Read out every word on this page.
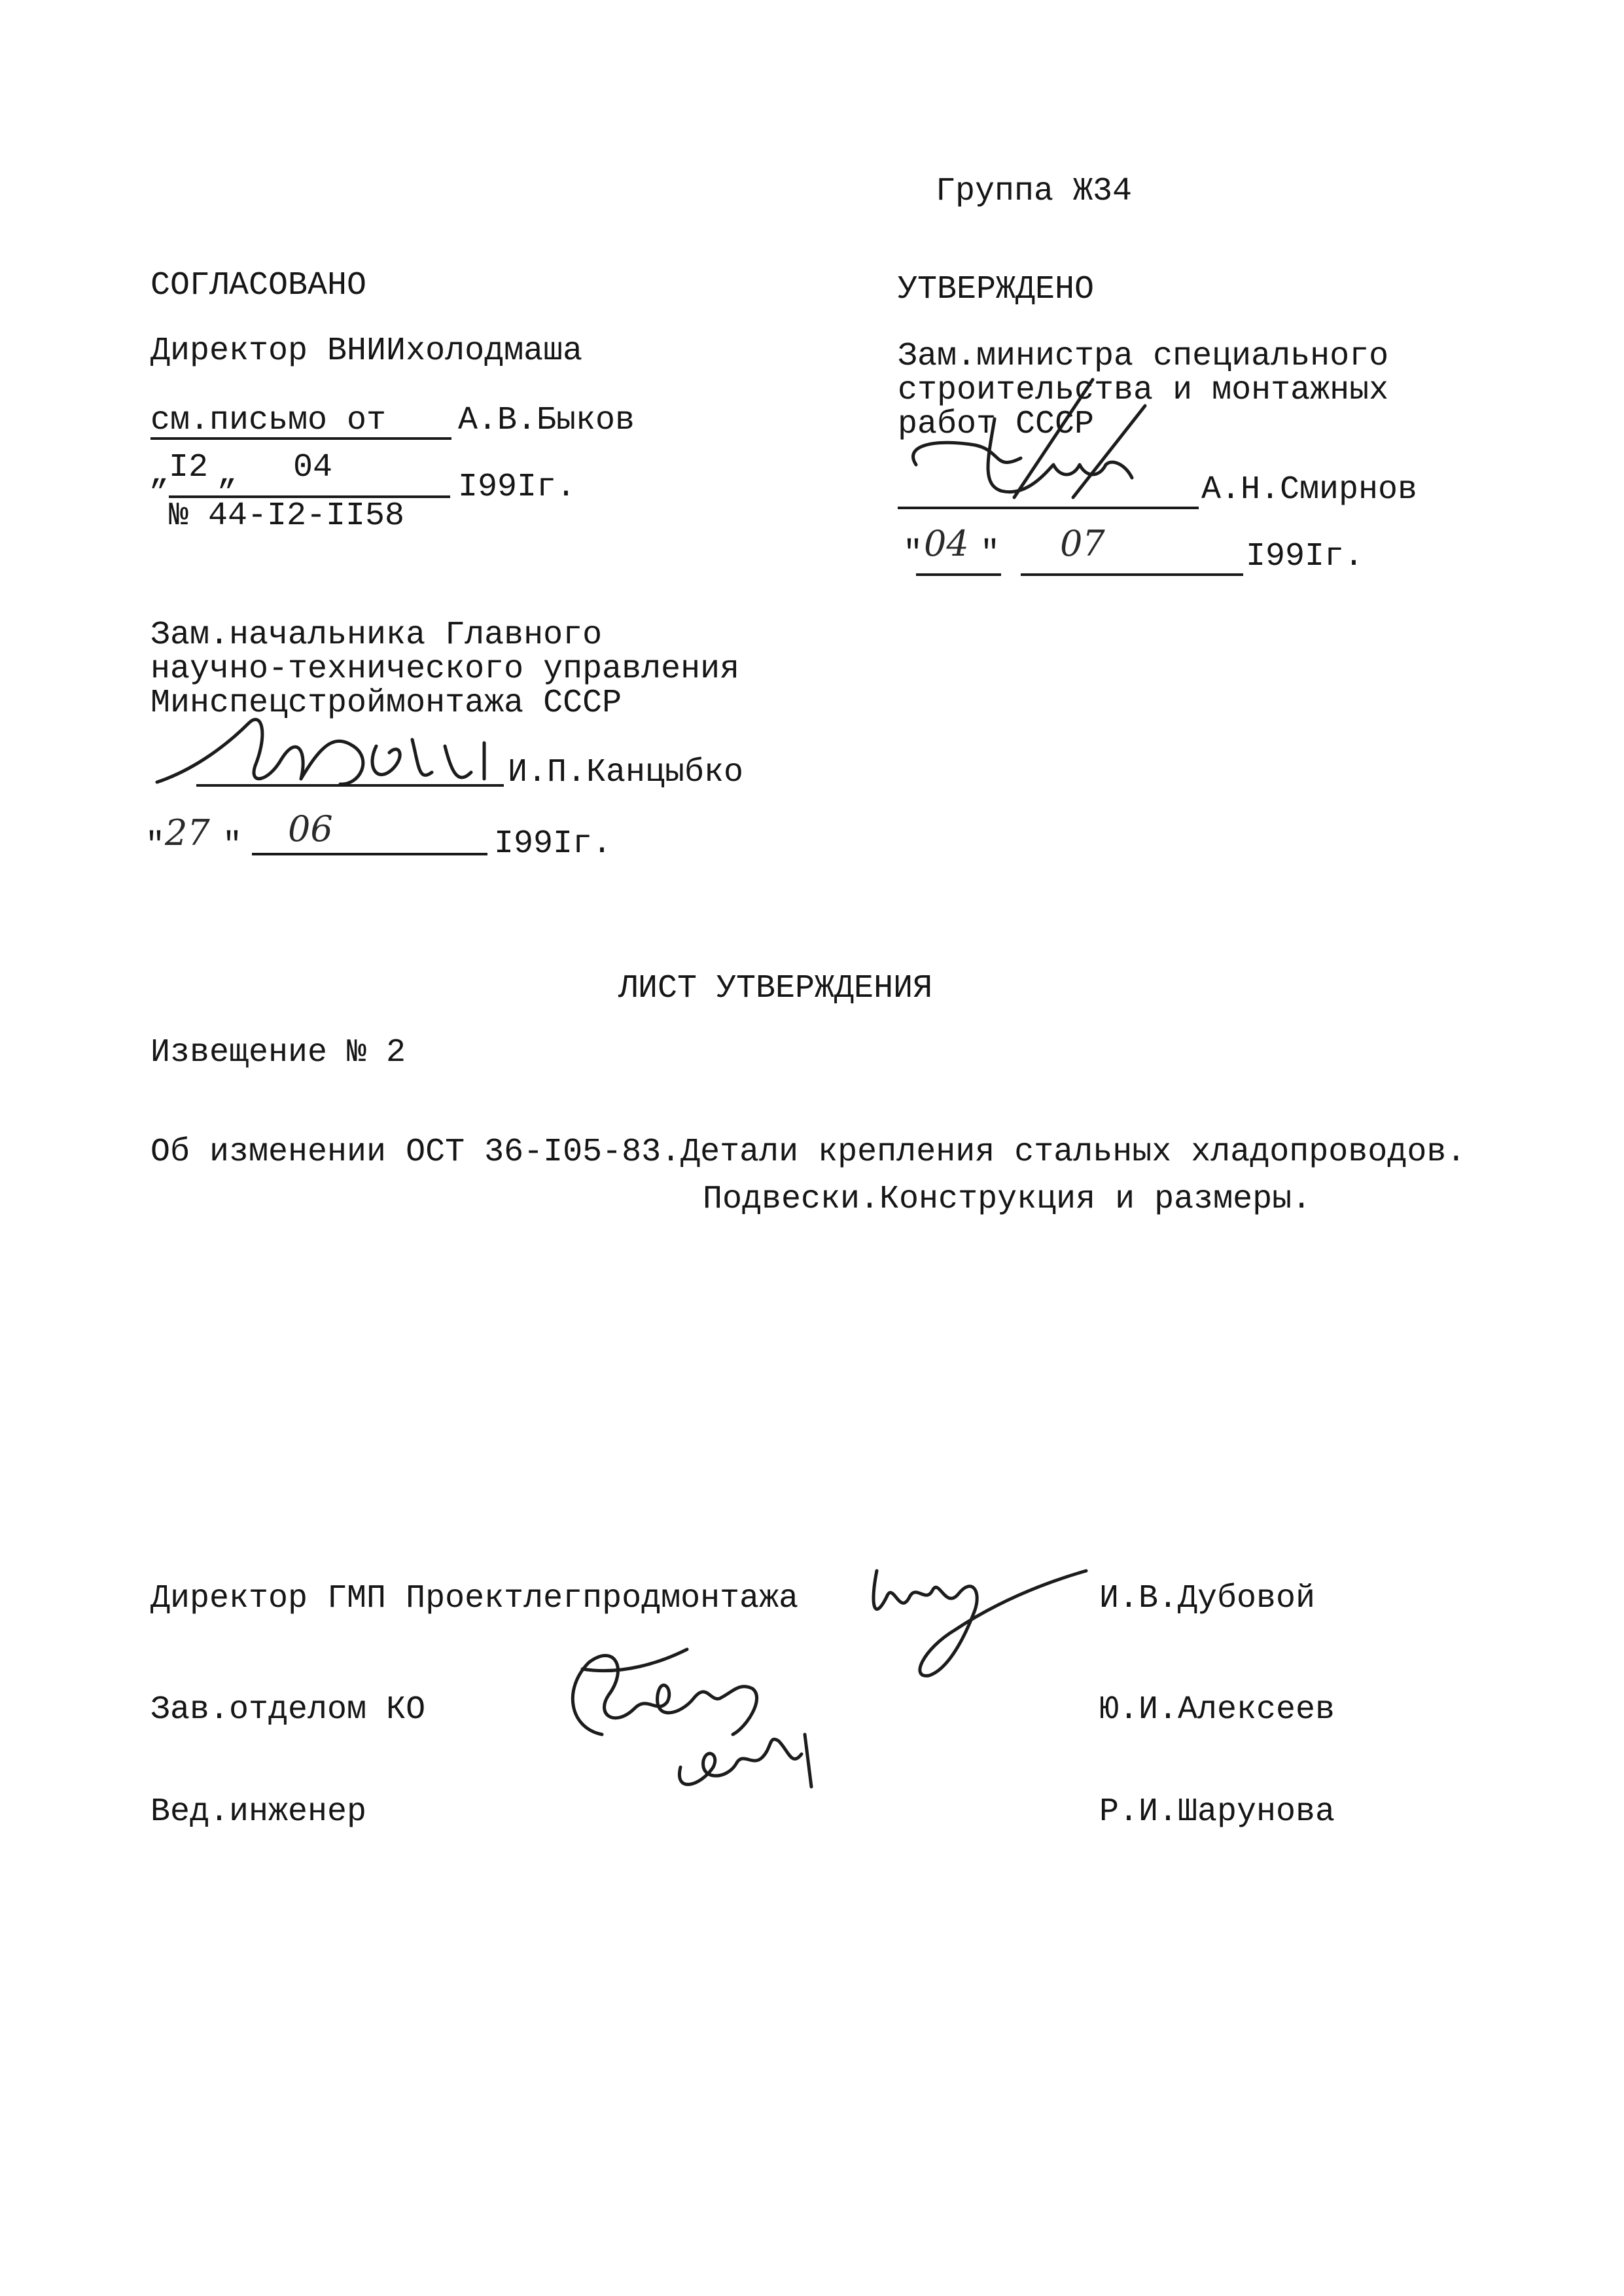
Группа Ж34
СОГЛАСОВАНО
Директор ВНИИхолодмаша
см.письмо от А.В.Быков
„ I2 „ 04
I99Iг.
№ 44-I2-II58
Зам.начальника Главного
научно-технического управления
Минспецстроймонтажа СССР
И.П.Канцыбко
" 27 " 06	I99Iг.
УТВЕРЖДЕНО
Зам.министра специального
строительства и монтажных
работ СССР
А.Н.Смирнов
" 04 " 07	I99Iг.
ЛИСТ УТВЕРЖДЕНИЯ
Извещение № 2
Об изменении ОСТ 36-I05-83.Детали крепления стальных хладопроводов.
Подвески.Конструкция и размеры.
Директор ГМП Проектлегпродмонтажа	И.В.Дубовой
Зав.отделом КО	Ю.И.Алексеев
Вед.инженер	Р.И.Шарунова
